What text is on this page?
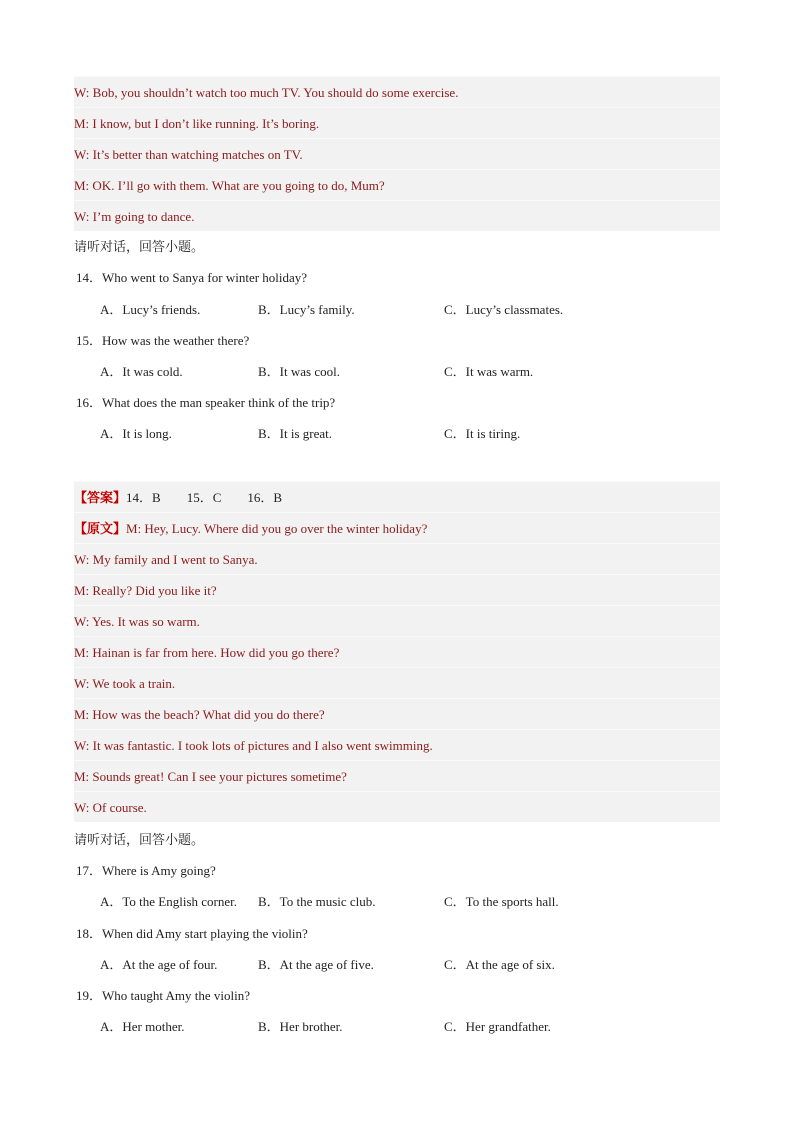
W: Bob, you shouldn’t watch too much TV. You should do some exercise.
M: I know, but I don’t like running. It’s boring.
W: It’s better than watching matches on TV.
M: OK. I’ll go with them. What are you going to do, Mum?
W: I’m going to dance.
请听对话，回答小题。
14．Who went to Sanya for winter holiday?
A．Lucy’s friends.	B．Lucy’s family.	C．Lucy’s classmates.
15．How was the weather there?
A．It was cold.	B．It was cool.	C．It was warm.
16．What does the man speaker think of the trip?
A．It is long.	B．It is great.	C．It is tiring.
【答案】14．B 15．C 16．B
【原文】M: Hey, Lucy. Where did you go over the winter holiday?
W: My family and I went to Sanya.
M: Really? Did you like it?
W: Yes. It was so warm.
M: Hainan is far from here. How did you go there?
W: We took a train.
M: How was the beach? What did you do there?
W: It was fantastic. I took lots of pictures and I also went swimming.
M: Sounds great! Can I see your pictures sometime?
W: Of course.
请听对话，回答小题。
17．Where is Amy going?
A．To the English corner. B．To the music club.	C．To the sports hall.
18．When did Amy start playing the violin?
A．At the age of four.	B．At the age of five.	C．At the age of six.
19．Who taught Amy the violin?
A．Her mother.	B．Her brother.	C．Her grandfather.
